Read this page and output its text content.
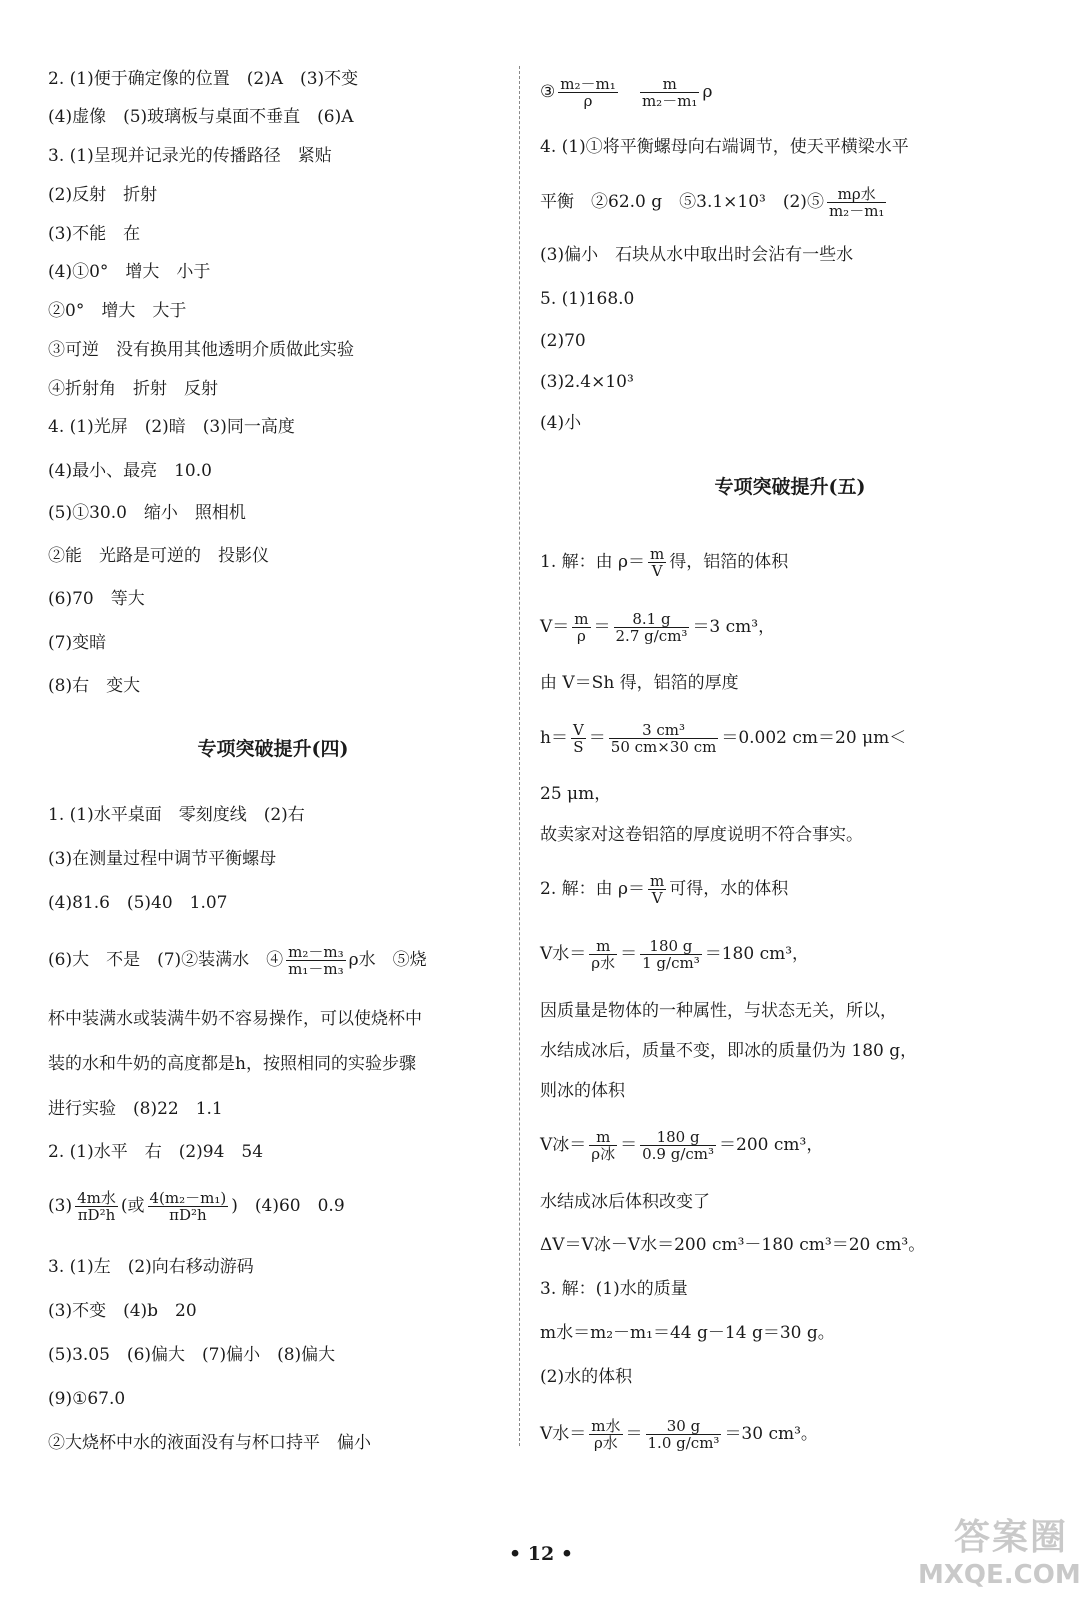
2. (1)便于确定像的位置　(2)A　(3)不变
(4)虚像　(5)玻璃板与桌面不垂直　(6)A
3. (1)呈现并记录光的传播路径　紧贴
(2)反射　折射
(3)不能　在
(4)①0°　增大　小于
②0°　增大　大于
③可逆　没有换用其他透明介质做此实验
④折射角　折射　反射
4. (1)光屏　(2)暗　(3)同一高度
(4)最小、最亮　10.0
(5)①30.0　缩小　照相机
②能　光路是可逆的　投影仪
(6)70　等大
(7)变暗
(8)右　变大
专项突破提升(四)
1. (1)水平桌面　零刻度线　(2)右
(3)在测量过程中调节平衡螺母
(4)81.6　(5)40　1.07
(6)大　不是　(7)②装满水　④ $\frac{\text{m₂－m₃}}{\text{m₁－m₃}}$ ρ水　⑤烧
杯中装满水或装满牛奶不容易操作，可以使烧杯中
装的水和牛奶的高度都是h，按照相同的实验步骤
进行实验　(8)22　1.1
2. (1)水平　右　(2)94　54
$(3) \frac{\text{4m水}}{\text{πD²h}}$ (或 $\frac{\text{4(m₂－m₁)}}{\text{πD²h}}$ )　(4)60　0.9
3. (1)左　(2)向右移动游码
(3)不变　(4)b　20
(5)3.05　(6)偏大　(7)偏小　(8)偏大
(9)①67.0
②大烧杯中水的液面没有与杯口持平　偏小
③ $\frac{\text{m₂－m₁}}{\rho}$
$\frac{m}{\text{m₂－m₁}}$ ρ
4. (1)①将平衡螺母向右端调节，使天平横梁水平
平衡　②62.0 g　⑤3.1×10³　(2)⑤ $\frac{\text{mρ水}}{\text{m₂－m₁}}$
(3)偏小　石块从水中取出时会沾有一些水
5. (1)168.0
(2)70
(3)2.4×10³
(4)小
专项突破提升(五)
1. 解：由 $\rho= \frac{m}{V}$ 得，铝箔的体积
$V= \frac{m}{\rho} = \frac{8.1 g}{\text{2.7 g/cm³}} =3$ cm³，
由 V＝Sh 得，铝箔的厚度
$h= \frac{V}{S} = \frac{\text{3 cm³}}{50 cm\times 30 cm} =0.002$ cm＝20 μm＜
25 μm，
故卖家对这卷铝箔的厚度说明不符合事实。
2. 解：由 $\rho= \frac{m}{V}$ 可得，水的体积
V水＝ $\frac{m}{\text{ρ水}} = \frac{180 g}{\text{1 g/cm³}} =180$ cm³，
因质量是物体的一种属性，与状态无关，所以，
水结成冰后，质量不变，即冰的质量仍为 180 g，
则冰的体积
V冰＝ $\frac{m}{\text{ρ冰}} = \frac{180 g}{\text{0.9 g/cm³}} =200$ cm³，
水结成冰后体积改变了
ΔV＝V冰－V水＝200 cm³－180 cm³＝20 cm³。
3. 解：(1)水的质量
m水＝m₂－m₁＝44 g－14 g＝30 g。
(2)水的体积
V水＝ $\frac{\text{m水}}{\text{ρ水}} = \frac{30 g}{\text{1.0 g/cm³}} =30$ cm³。
• 12 •	答案圈
MXQE.COM
